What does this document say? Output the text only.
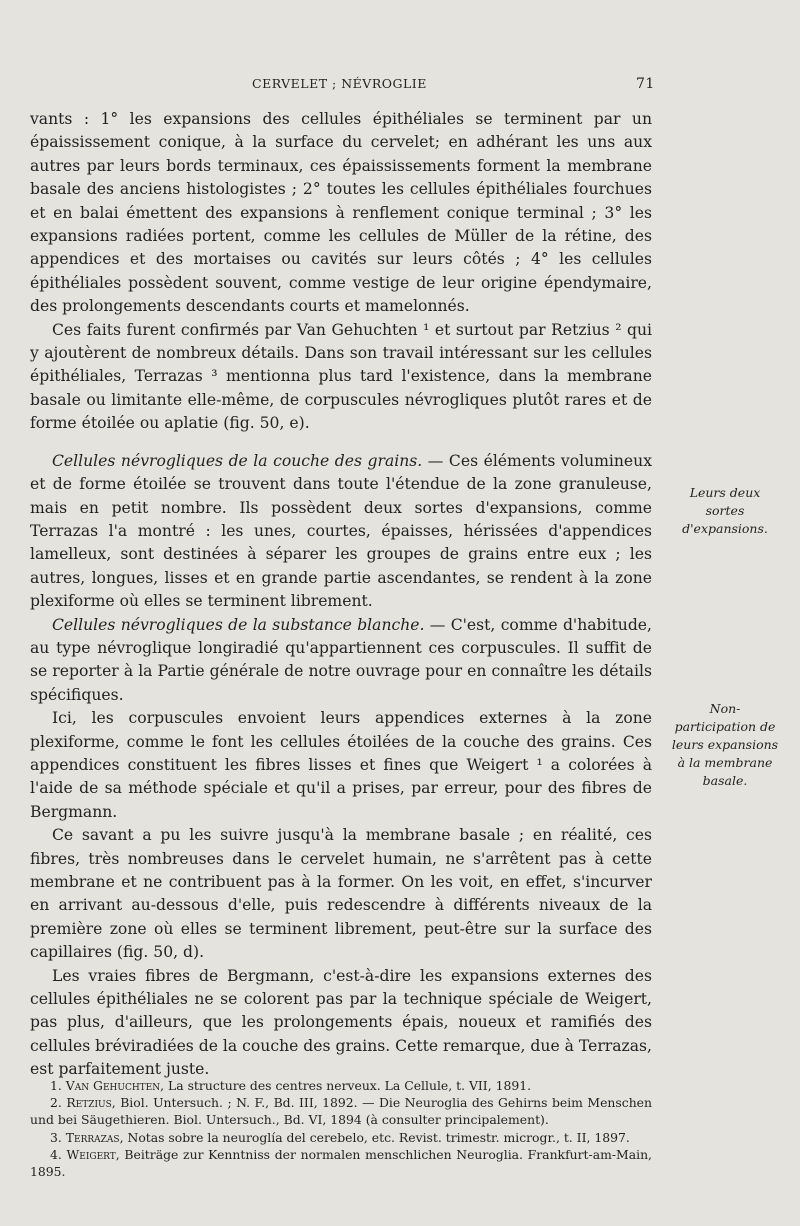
CERVELET ; NÉVROGLIE	71

vants : 1° les expansions des cellules épithéliales se terminent par un épaississement conique, à la surface du cervelet; en adhérant les uns aux autres par leurs bords terminaux, ces épaississements forment la membrane basale des anciens histologistes ; 2° toutes les cellules épithéliales fourchues et en balai émettent des expansions à renflement conique terminal ; 3° les expansions radiées portent, comme les cellules de Müller de la rétine, des appendices et des mortaises ou cavités sur leurs côtés ; 4° les cellules épithéliales possèdent souvent, comme vestige de leur origine épendymaire, des prolongements descendants courts et mamelonnés.

Ces faits furent confirmés par Van Gehuchten ¹ et surtout par Retzius ² qui y ajoutèrent de nombreux détails. Dans son travail intéressant sur les cellules épithéliales, Terrazas ³ mentionna plus tard l'existence, dans la membrane basale ou limitante elle-même, de corpuscules névrogliques plutôt rares et de forme étoilée ou aplatie (fig. 50, e).

Cellules névrogliques de la couche des grains. — Ces éléments volumineux et de forme étoilée se trouvent dans toute l'étendue de la zone granuleuse, mais en petit nombre. Ils possèdent deux sortes d'expansions, comme Terrazas l'a montré : les unes, courtes, épaisses, hérissées d'appendices lamelleux, sont destinées à séparer les groupes de grains entre eux ; les autres, longues, lisses et en grande partie ascendantes, se rendent à la zone plexiforme où elles se terminent librement.

Cellules névrogliques de la substance blanche. — C'est, comme d'habitude, au type névroglique longiradié qu'appartiennent ces corpuscules. Il suffit de se reporter à la Partie générale de notre ouvrage pour en connaître les détails spécifiques.

Ici, les corpuscules envoient leurs appendices externes à la zone plexiforme, comme le font les cellules étoilées de la couche des grains. Ces appendices constituent les fibres lisses et fines que Weigert ¹ a colorées à l'aide de sa méthode spéciale et qu'il a prises, par erreur, pour des fibres de Bergmann.

Ce savant a pu les suivre jusqu'à la membrane basale ; en réalité, ces fibres, très nombreuses dans le cervelet humain, ne s'arrêtent pas à cette membrane et ne contribuent pas à la former. On les voit, en effet, s'incurver en arrivant au-dessous d'elle, puis redescendre à différents niveaux de la première zone où elles se terminent librement, peut-être sur la surface des capillaires (fig. 50, d).

Les vraies fibres de Bergmann, c'est-à-dire les expansions externes des cellules épithéliales ne se colorent pas par la technique spéciale de Weigert, pas plus, d'ailleurs, que les prolongements épais, noueux et ramifiés des cellules bréviradiées de la couche des grains. Cette remarque, due à Terrazas, est parfaitement juste.

Leurs deux sortes d'expansions.
Non-participation de leurs expansions à la membrane basale.

1. Van Gehuchten, La structure des centres nerveux. La Cellule, t. VII, 1891.

2. Retzius, Biol. Untersuch. ; N. F., Bd. III, 1892. — Die Neuroglia des Gehirns beim Menschen und bei Säugethieren. Biol. Untersuch., Bd. VI, 1894 (à consulter principalement).

3. Terrazas, Notas sobre la neuroglía del cerebelo, etc. Revist. trimestr. microgr., t. II, 1897.

4. Weigert, Beiträge zur Kenntniss der normalen menschlichen Neuroglia. Frankfurt-am-Main, 1895.
